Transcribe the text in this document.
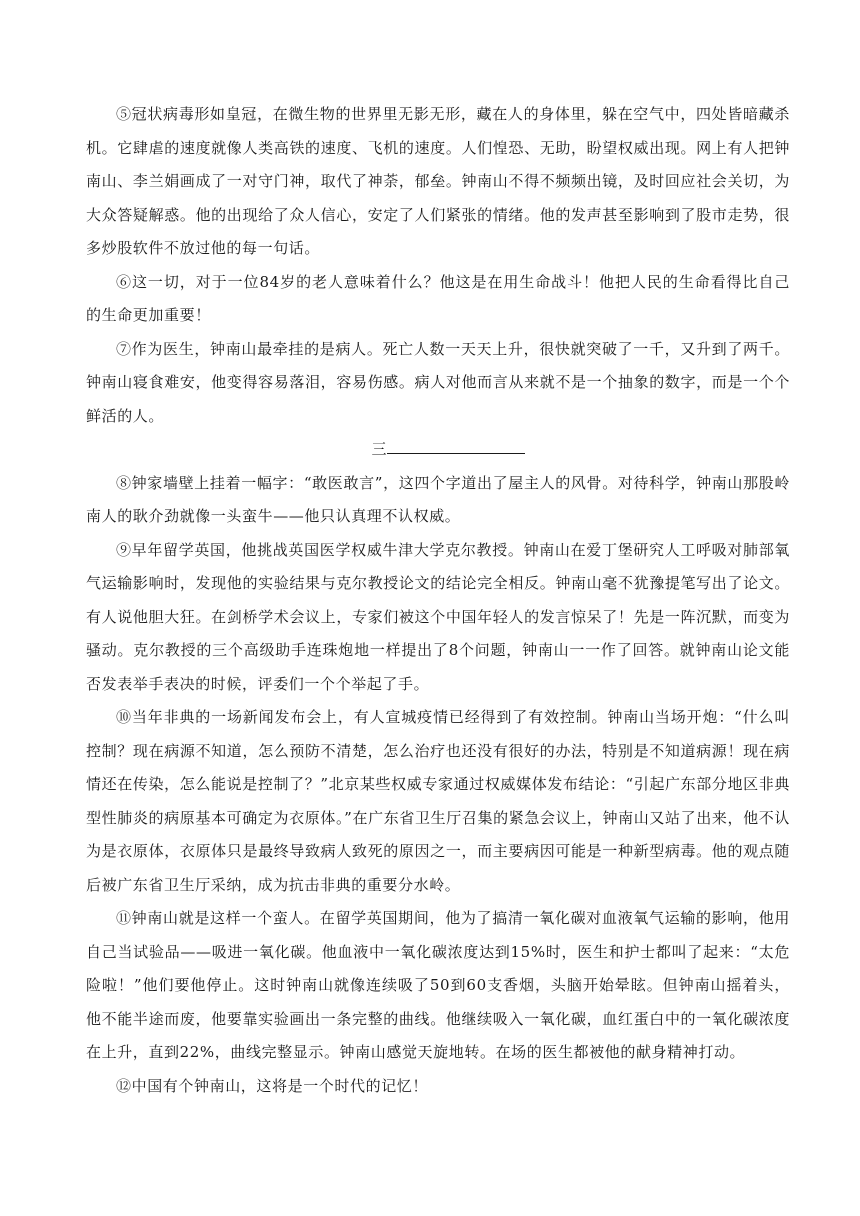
⑤冠状病毒形如皇冠，在微生物的世界里无影无形，藏在人的身体里，躲在空气中，四处皆暗藏杀机。它肆虐的速度就像人类高铁的速度、飞机的速度。人们惶恐、无助，盼望权威出现。网上有人把钟南山、李兰娟画成了一对守门神，取代了神荼，郁垒。钟南山不得不频频出镜，及时回应社会关切，为大众答疑解惑。他的出现给了众人信心，安定了人们紧张的情绪。他的发声甚至影响到了股市走势，很多炒股软件不放过他的每一句话。

⑥这一切，对于一位84岁的老人意味着什么？他这是在用生命战斗！他把人民的生命看得比自己的生命更加重要！

⑦作为医生，钟南山最牵挂的是病人。死亡人数一天天上升，很快就突破了一千，又升到了两千。钟南山寝食难安，他变得容易落泪，容易伤感。病人对他而言从来就不是一个抽象的数字，而是一个个鲜活的人。

三

⑧钟家墙壁上挂着一幅字：“敢医敢言”，这四个字道出了屋主人的风骨。对待科学，钟南山那股岭南人的耿介劲就像一头蛮牛——他只认真理不认权威。

⑨早年留学英国，他挑战英国医学权威牛津大学克尔教授。钟南山在爱丁堡研究人工呼吸对肺部氧气运输影响时，发现他的实验结果与克尔教授论文的结论完全相反。钟南山毫不犹豫提笔写出了论文。有人说他胆大狂。在剑桥学术会议上，专家们被这个中国年轻人的发言惊呆了！先是一阵沉默，而变为骚动。克尔教授的三个高级助手连珠炮地一样提出了8个问题，钟南山一一作了回答。就钟南山论文能否发表举手表决的时候，评委们一个个举起了手。

⑩当年非典的一场新闻发布会上，有人宣城疫情已经得到了有效控制。钟南山当场开炮：“什么叫控制？现在病源不知道，怎么预防不清楚，怎么治疗也还没有很好的办法，特别是不知道病源！现在病情还在传染，怎么能说是控制了？”北京某些权威专家通过权威媒体发布结论：“引起广东部分地区非典型性肺炎的病原基本可确定为衣原体。”在广东省卫生厅召集的紧急会议上，钟南山又站了出来，他不认为是衣原体，衣原体只是最终导致病人致死的原因之一，而主要病因可能是一种新型病毒。他的观点随后被广东省卫生厅采纳，成为抗击非典的重要分水岭。

⑪钟南山就是这样一个蛮人。在留学英国期间，他为了搞清一氧化碳对血液氧气运输的影响，他用自己当试验品——吸进一氧化碳。他血液中一氧化碳浓度达到15%时，医生和护士都叫了起来：“太危险啦！”他们要他停止。这时钟南山就像连续吸了50到60支香烟，头脑开始晕眩。但钟南山摇着头，他不能半途而废，他要靠实验画出一条完整的曲线。他继续吸入一氧化碳，血红蛋白中的一氧化碳浓度在上升，直到22%，曲线完整显示。钟南山感觉天旋地转。在场的医生都被他的献身精神打动。

⑫中国有个钟南山，这将是一个时代的记忆！
